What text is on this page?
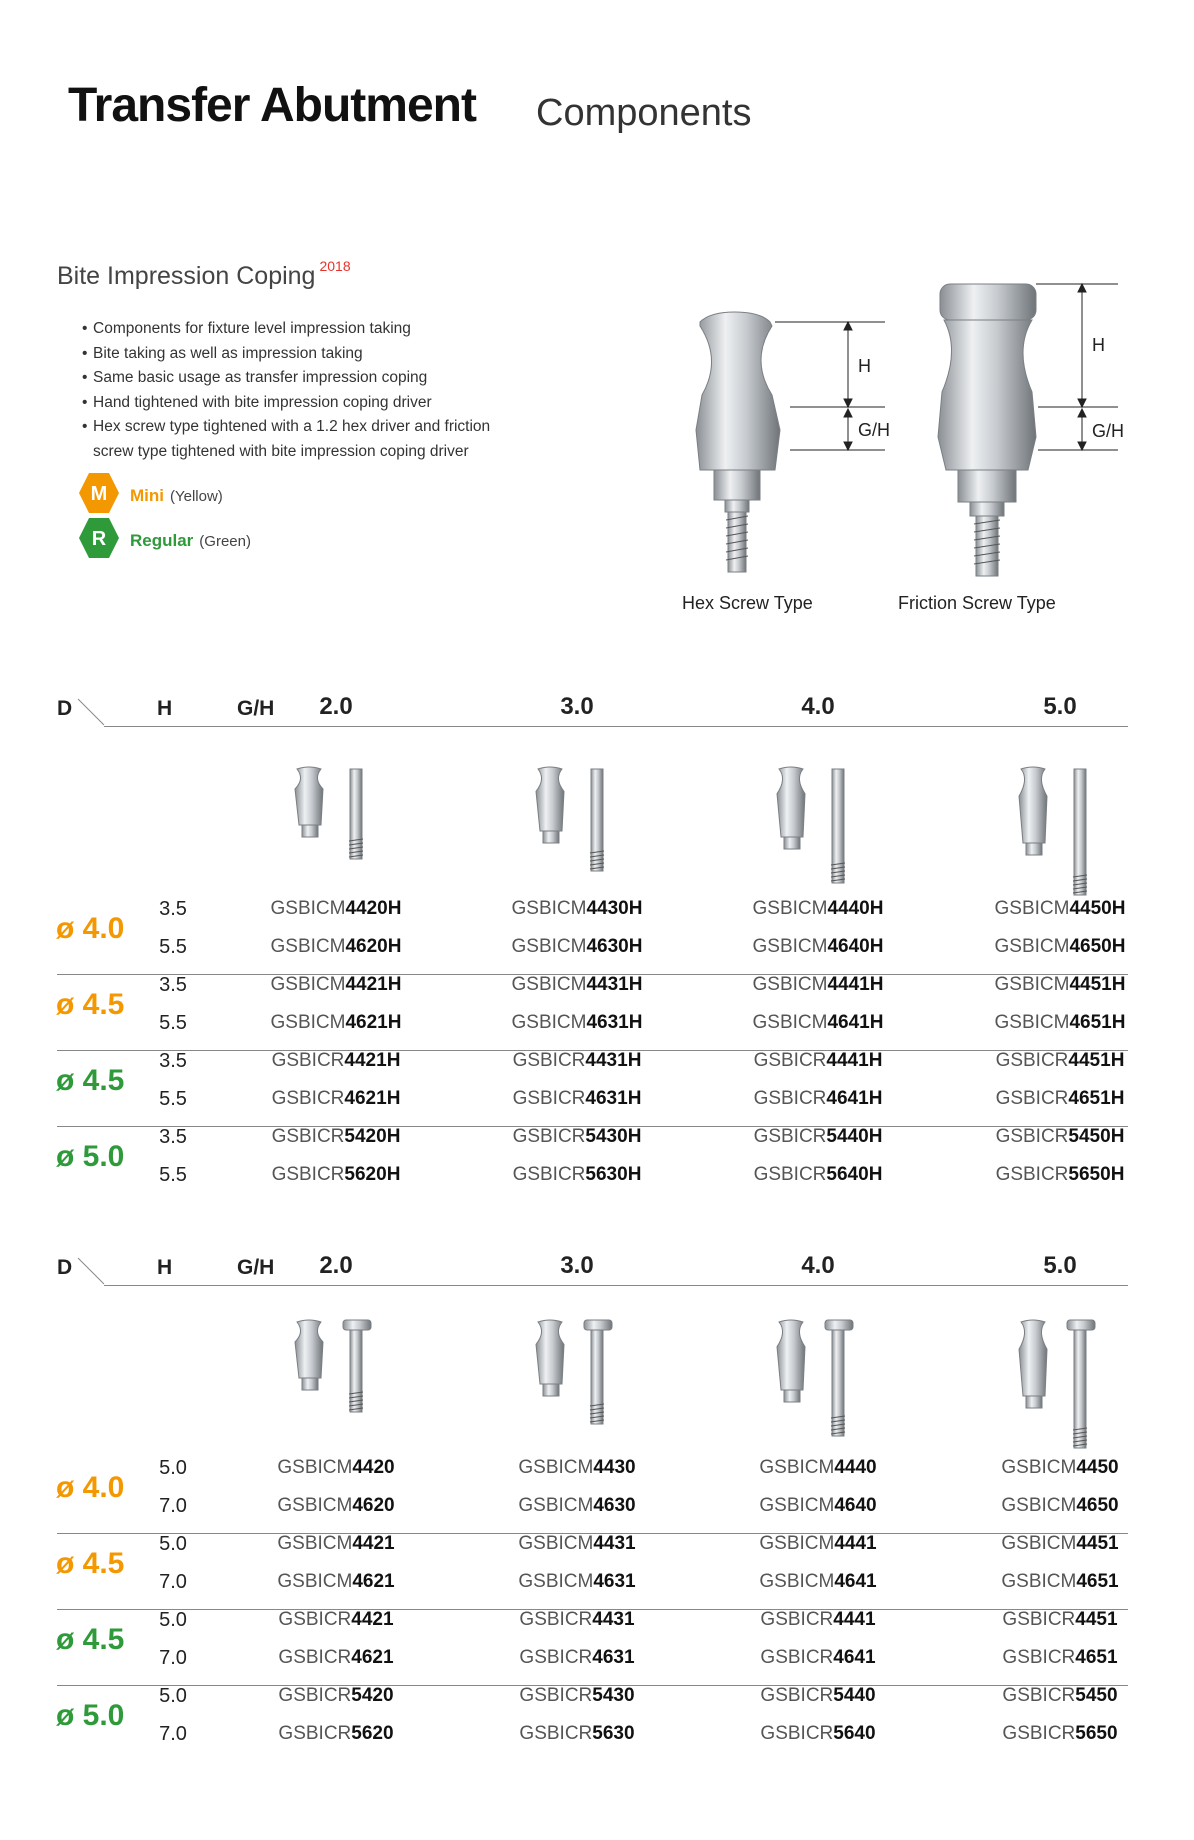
Transfer Abutment Components
Bite Impression Coping $^{2018}$
• Components for fixture level impression taking
• Bite taking as well as impression taking
• Same basic usage as transfer impression coping
• Hand tightened with bite impression coping driver
• Hex screw type tightened with a 1.2 hex driver and friction screw type tightened with bite impression coping driver
M Mini (Yellow)
R Regular (Green)
H
G/H
Hex Screw Type
H
G/H
Friction Screw Type
D	H	G/H	2.0	3.0	4.0	5.0
ø 4.0
3.5	GSBICM4420H	GSBICM4430H	GSBICM4440H	GSBICM4450H
5.5	GSBICM4620H	GSBICM4630H	GSBICM4640H	GSBICM4650H
ø 4.5
3.5	GSBICM4421H	GSBICM4431H	GSBICM4441H	GSBICM4451H
5.5	GSBICM4621H	GSBICM4631H	GSBICM4641H	GSBICM4651H
ø 4.5
3.5	GSBICR4421H	GSBICR4431H	GSBICR4441H	GSBICR4451H
5.5	GSBICR4621H	GSBICR4631H	GSBICR4641H	GSBICR4651H
ø 5.0
3.5	GSBICR5420H	GSBICR5430H	GSBICR5440H	GSBICR5450H
5.5	GSBICR5620H	GSBICR5630H	GSBICR5640H	GSBICR5650H
D	H	G/H	2.0	3.0	4.0	5.0
ø 4.0
5.0	GSBICM4420	GSBICM4430	GSBICM4440	GSBICM4450
7.0	GSBICM4620	GSBICM4630	GSBICM4640	GSBICM4650
ø 4.5
5.0	GSBICM4421	GSBICM4431	GSBICM4441	GSBICM4451
7.0	GSBICM4621	GSBICM4631	GSBICM4641	GSBICM4651
ø 4.5
5.0	GSBICR4421	GSBICR4431	GSBICR4441	GSBICR4451
7.0	GSBICR4621	GSBICR4631	GSBICR4641	GSBICR4651
ø 5.0
5.0	GSBICR5420	GSBICR5430	GSBICR5440	GSBICR5450
7.0	GSBICR5620	GSBICR5630	GSBICR5640	GSBICR5650
